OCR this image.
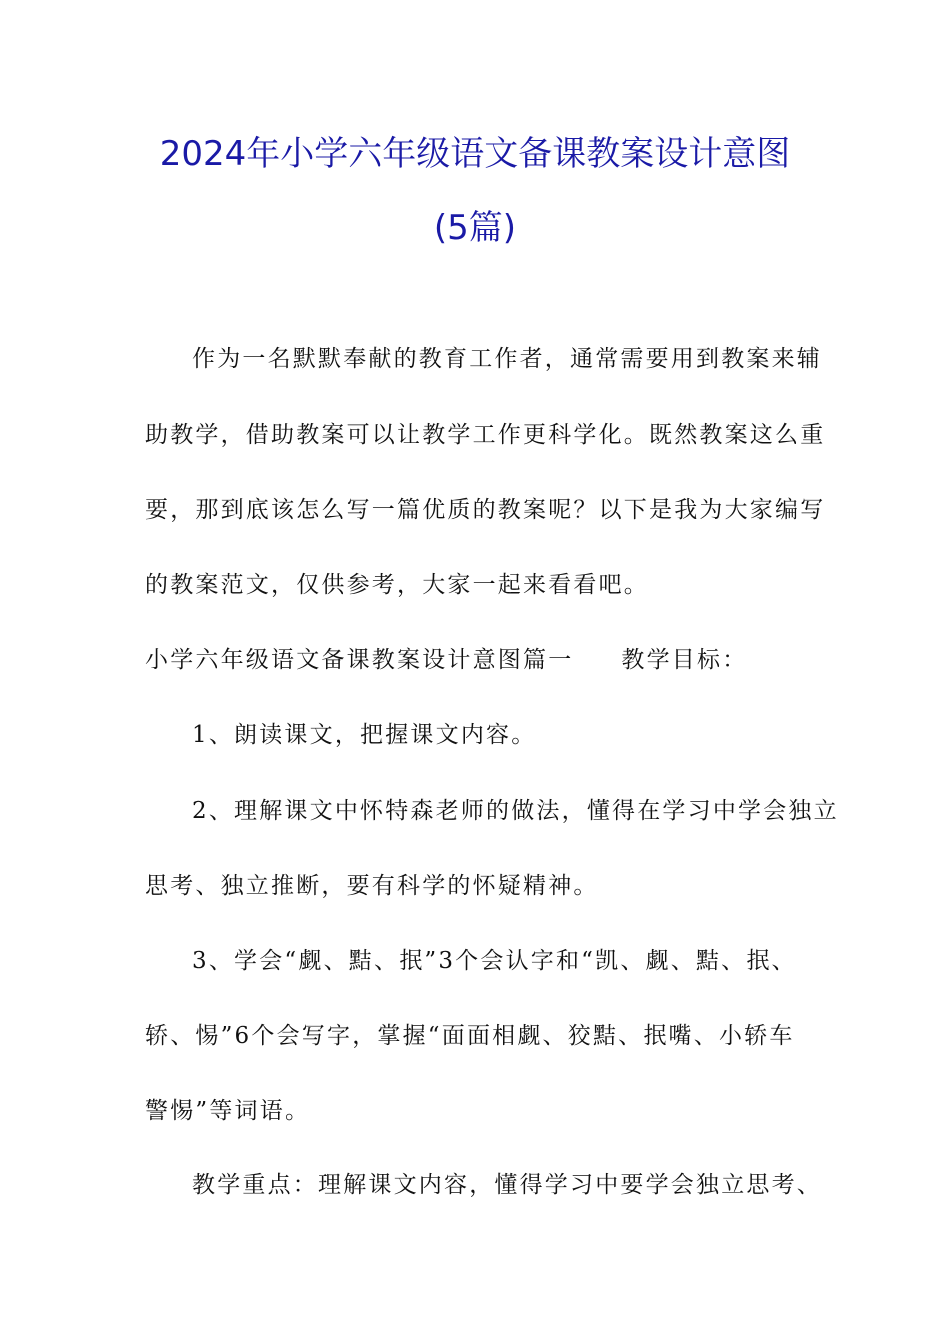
2024年小学六年级语文备课教案设计意图
(5篇)

作为一名默默奉献的教育工作者，通常需要用到教案来辅

助教学，借助教案可以让教学工作更科学化。既然教案这么重

要，那到底该怎么写一篇优质的教案呢？以下是我为大家编写

的教案范文，仅供参考，大家一起来看看吧。

小学六年级语文备课教案设计意图篇一 教学目标：

1、朗读课文，把握课文内容。

2、理解课文中怀特森老师的做法，懂得在学习中学会独立

思考、独立推断，要有科学的怀疑精神。

3、学会“觑、黠、抿”3个会认字和“凯、觑、黠、抿、

轿、惕”6个会写字，掌握“面面相觑、狡黠、抿嘴、小轿车

警惕”等词语。

教学重点：理解课文内容，懂得学习中要学会独立思考、
